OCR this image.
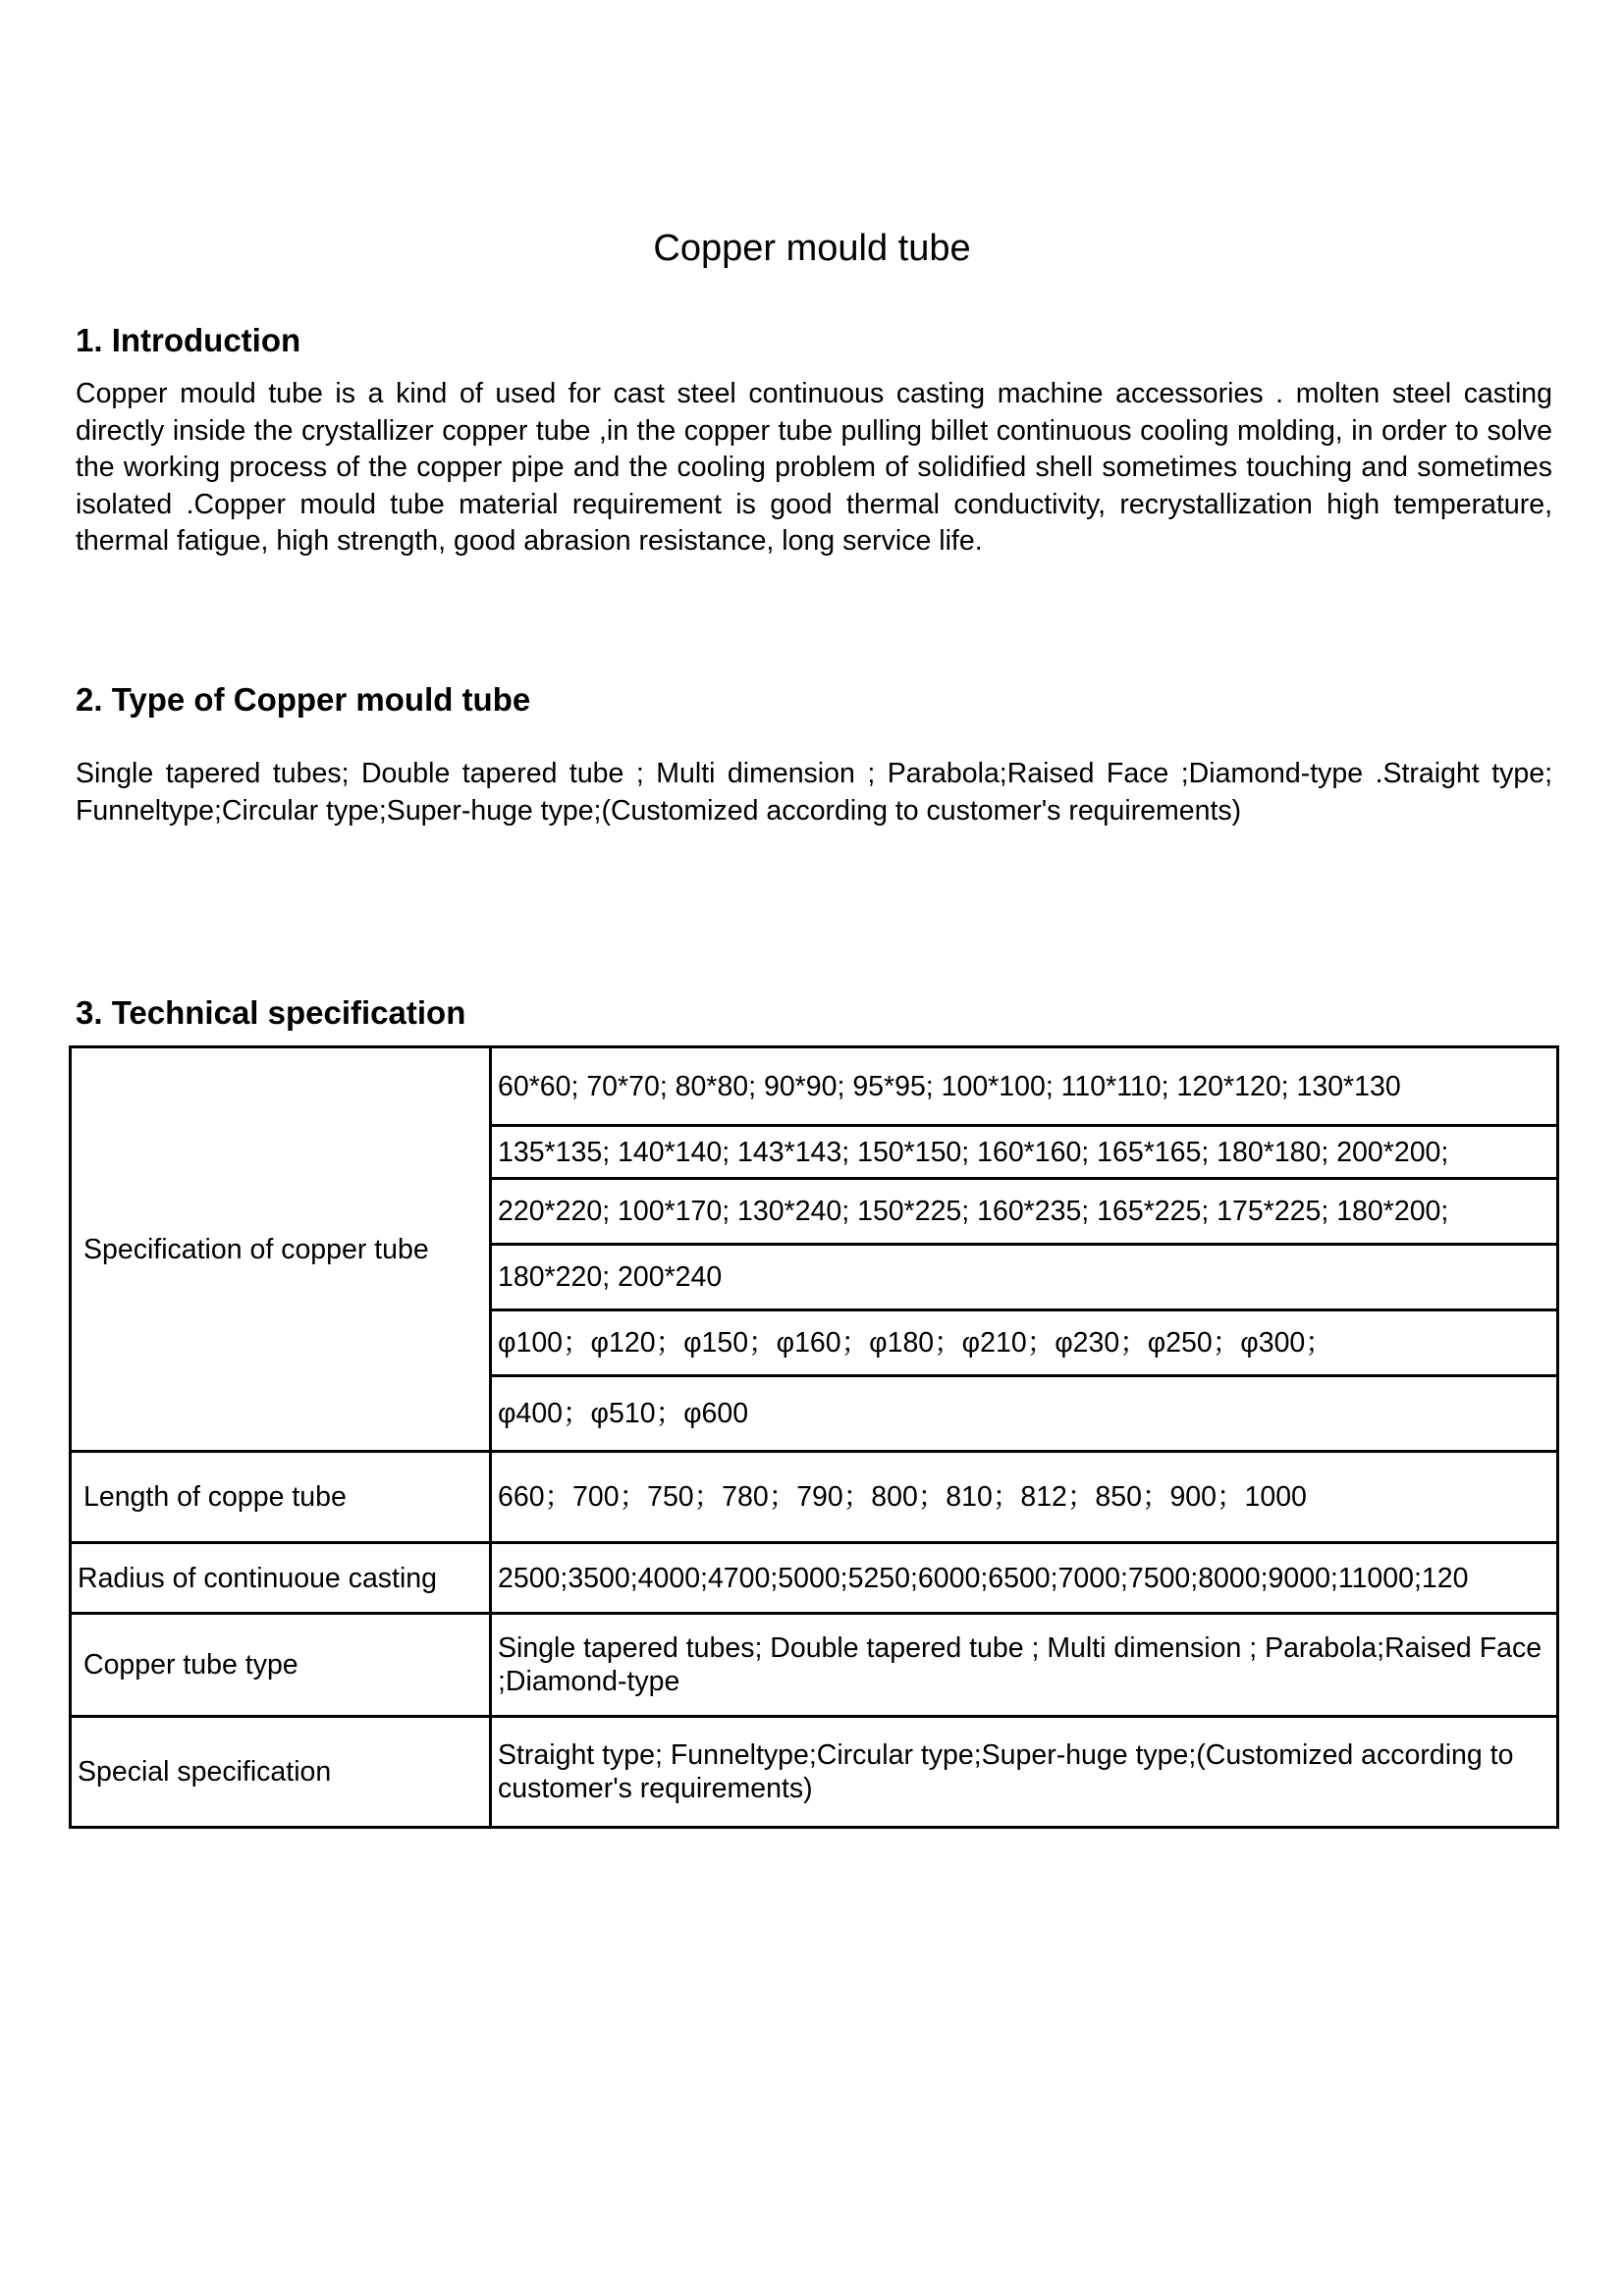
Copper mould tube
1. Introduction

Copper mould tube is a kind of used for cast steel continuous casting machine accessories . molten steel casting directly inside the crystallizer copper tube ,in the copper tube pulling billet continuous cooling molding, in order to solve the working process of the copper pipe and the cooling problem of solidified shell sometimes touching and sometimes isolated .Copper mould tube material requirement is good thermal conductivity, recrystallization high temperature, thermal fatigue, high strength, good abrasion resistance, long service life.

2. Type of Copper mould tube

Single tapered tubes; Double tapered tube ; Multi dimension ; Parabola;Raised Face ;Diamond-type .Straight type; Funneltype;Circular type;Super-huge type;(Customized according to customer's requirements)

3. Technical specification
Specification of copper tube	60*60; 70*70; 80*80; 90*90; 95*95; 100*100; 110*110; 120*120; 130*130
	135*135; 140*140; 143*143; 150*150; 160*160; 165*165; 180*180; 200*200;
	220*220; 100*170; 130*240; 150*225; 160*235; 165*225; 175*225; 180*200;
	180*220; 200*240
	φ100；φ120；φ150；φ160；φ180；φ210；φ230；φ250；φ300；
	φ400；φ510；φ600
Length of coppe tube	660；700；750；780；790；800；810；812；850；900；1000
Radius of continuoue casting	2500;3500;4000;4700;5000;5250;6000;6500;7000;7500;8000;9000;11000;120
Copper tube type	Single tapered tubes; Double tapered tube ; Multi dimension ; Parabola;Raised Face ;Diamond-type
Special specification	Straight type; Funneltype;Circular type;Super-huge type;(Customized according to customer's requirements)
